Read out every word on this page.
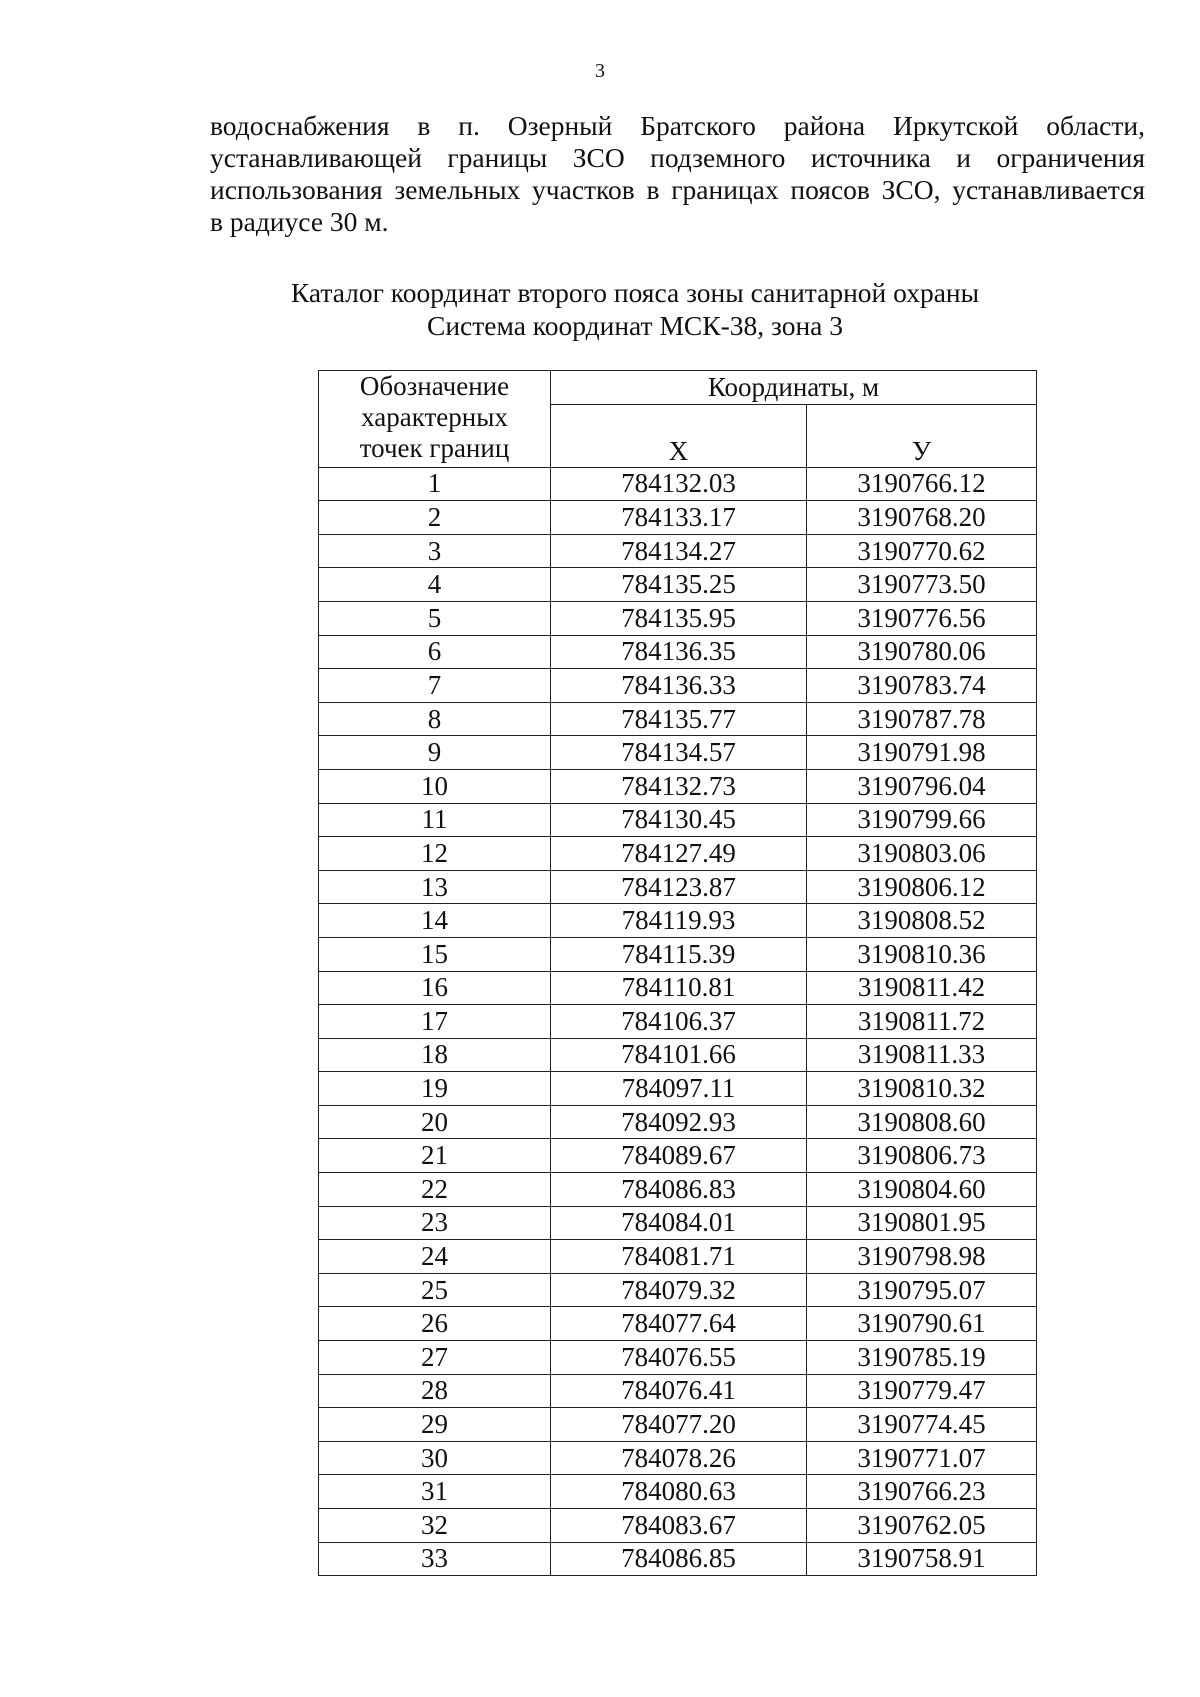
3
водоснабжения в п. Озерный Братского района Иркутской области,
устанавливающей границы ЗСО подземного источника и ограничения
использования земельных участков в границах поясов ЗСО, устанавливается
в радиусе 30 м.
Каталог координат второго пояса зоны санитарной охраны
Система координат МСК-38, зона 3
Обозначение
характерных
точек границ	Координаты, м	
	X	У
1	784132.03	3190766.12
2	784133.17	3190768.20
3	784134.27	3190770.62
4	784135.25	3190773.50
5	784135.95	3190776.56
6	784136.35	3190780.06
7	784136.33	3190783.74
8	784135.77	3190787.78
9	784134.57	3190791.98
10	784132.73	3190796.04
11	784130.45	3190799.66
12	784127.49	3190803.06
13	784123.87	3190806.12
14	784119.93	3190808.52
15	784115.39	3190810.36
16	784110.81	3190811.42
17	784106.37	3190811.72
18	784101.66	3190811.33
19	784097.11	3190810.32
20	784092.93	3190808.60
21	784089.67	3190806.73
22	784086.83	3190804.60
23	784084.01	3190801.95
24	784081.71	3190798.98
25	784079.32	3190795.07
26	784077.64	3190790.61
27	784076.55	3190785.19
28	784076.41	3190779.47
29	784077.20	3190774.45
30	784078.26	3190771.07
31	784080.63	3190766.23
32	784083.67	3190762.05
33	784086.85	3190758.91
